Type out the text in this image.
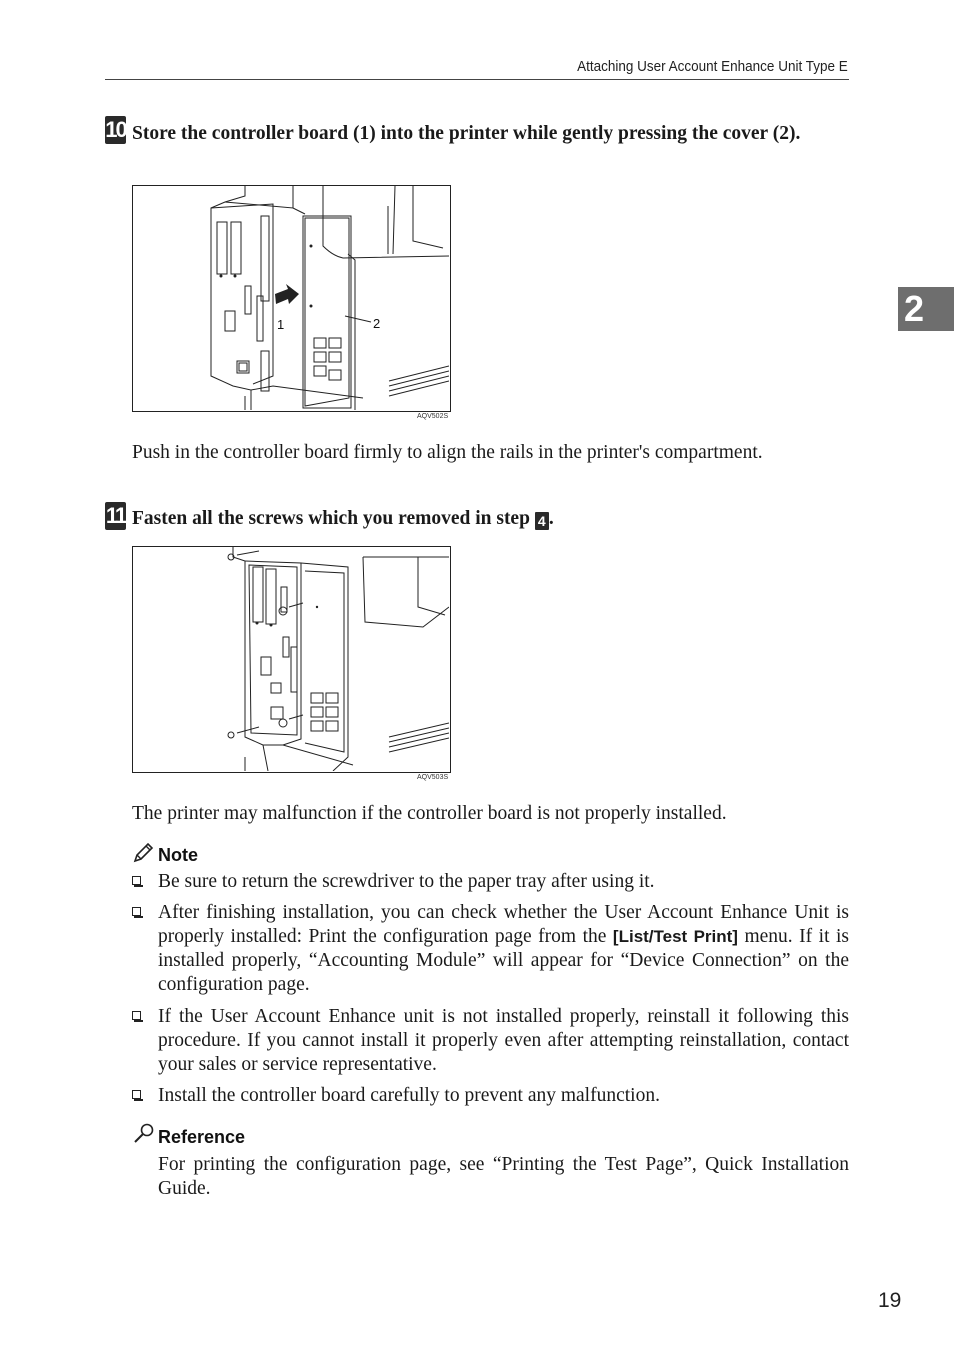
Attaching User Account Enhance Unit Type E
2
10 Store the controller board (1) into the printer while gently pressing the cover (2).
1	2
AQV502S
Push in the controller board firmly to align the rails in the printer's compartment.
11 Fasten all the screws which you removed in step 4 .
AQV503S
The printer may malfunction if the controller board is not properly installed.
Note
Be sure to return the screwdriver to the paper tray after using it.
After finishing installation, you can check whether the User Account Enhance Unit is properly installed: Print the configuration page from the [List/Test Print] menu. If it is installed properly, “Accounting Module” will appear for “Device Connection” on the configuration page.
If the User Account Enhance unit is not installed properly, reinstall it following this procedure. If you cannot install it properly even after attempting reinstallation, contact your sales or service representative.
Install the controller board carefully to prevent any malfunction.
Reference
For printing the configuration page, see “Printing the Test Page”, Quick Installation Guide.
19
